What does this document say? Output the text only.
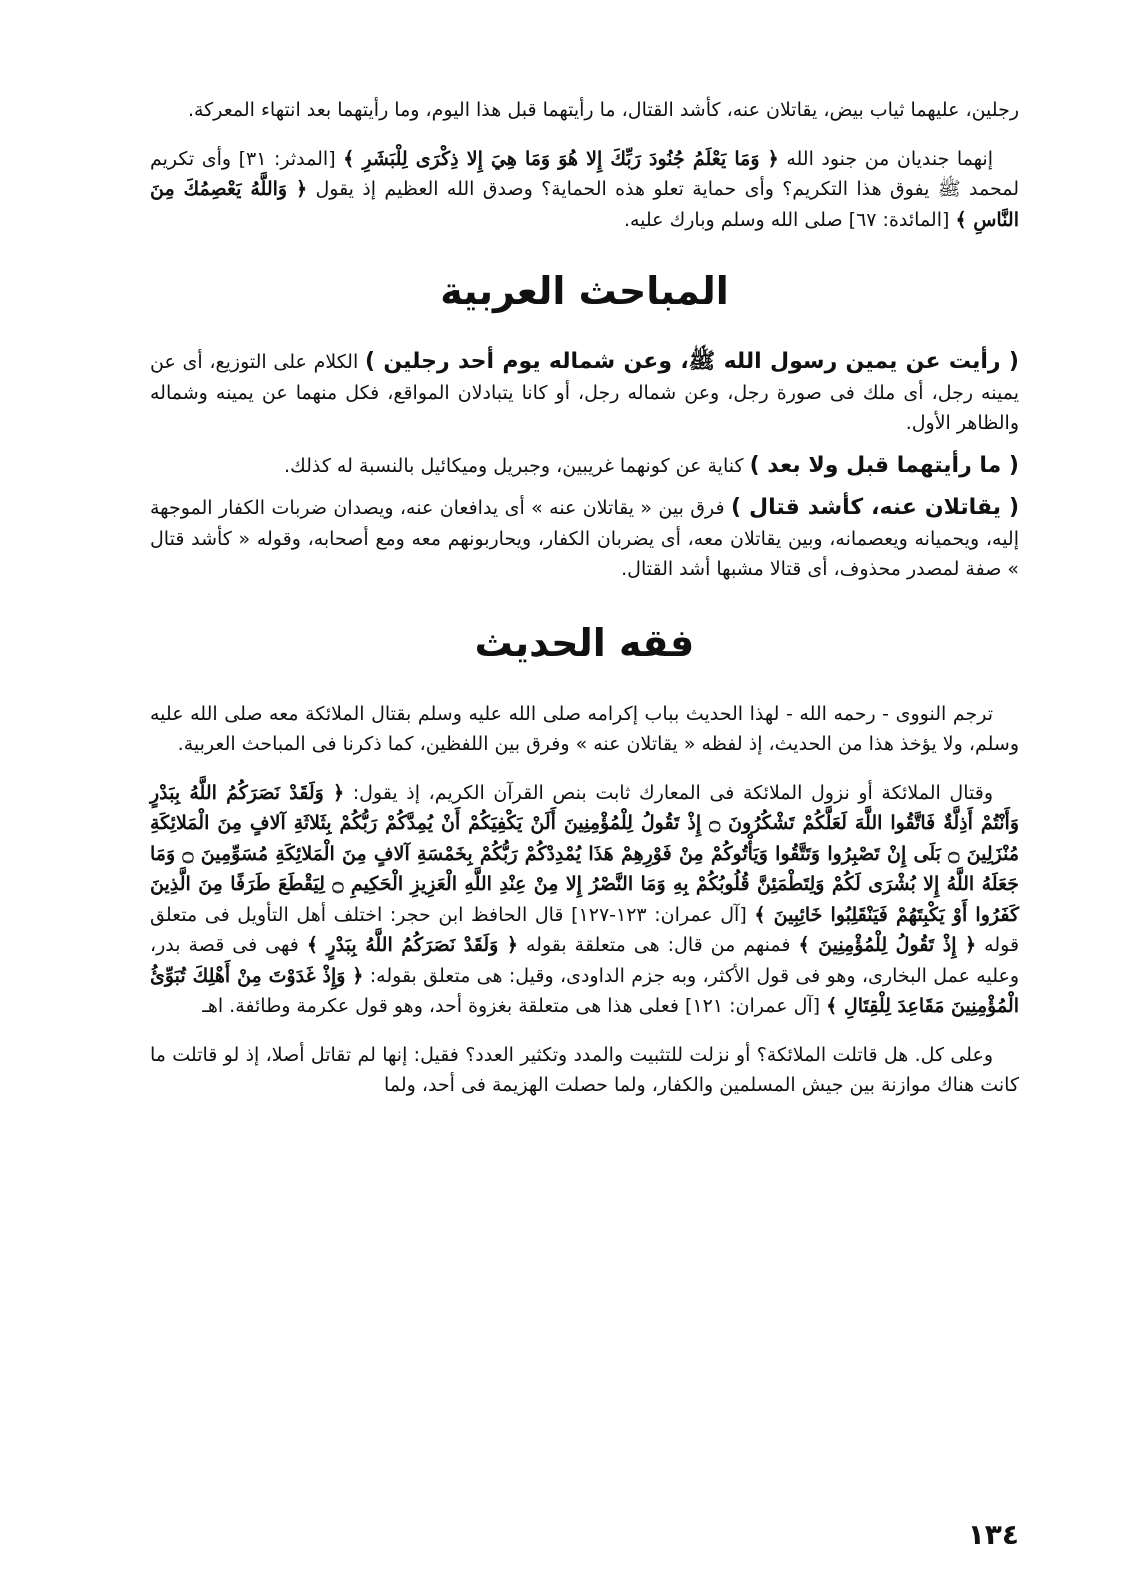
رجلين، عليهما ثياب بيض، يقاتلان عنه، كأشد القتال، ما رأيتهما قبل هذا اليوم، وما رأيتهما بعد انتهاء المعركة.

إنهما جنديان من جنود الله ﴿ وَمَا يَعْلَمُ جُنُودَ رَبِّكَ إِلا هُوَ وَمَا هِيَ إِلا ذِكْرَى لِلْبَشَرِ ﴾ [المدثر: ٣١] وأى تكريم لمحمد ﷺ يفوق هذا التكريم؟ وأى حماية تعلو هذه الحماية؟ وصدق الله العظيم إذ يقول ﴿ وَاللَّهُ يَعْصِمُكَ مِنَ النَّاسِ ﴾ [المائدة: ٦٧] صلى الله وسلم وبارك عليه.

المباحث العربية

( رأيت عن يمين رسول الله ﷺ، وعن شماله يوم أحد رجلين ) الكلام على التوزيع، أى عن يمينه رجل، أى ملك فى صورة رجل، وعن شماله رجل، أو كانا يتبادلان المواقع، فكل منهما عن يمينه وشماله والظاهر الأول.

( ما رأيتهما قبل ولا بعد ) كناية عن كونهما غريبين، وجبريل وميكائيل بالنسبة له كذلك.

( يقاتلان عنه، كأشد قتال ) فرق بين « يقاتلان عنه » أى يدافعان عنه، ويصدان ضربات الكفار الموجهة إليه، ويحميانه ويعصمانه، وبين يقاتلان معه، أى يضربان الكفار، ويحاربونهم معه ومع أصحابه، وقوله « كأشد قتال » صفة لمصدر محذوف، أى قتالا مشبها أشد القتال.

فقه الحديث

ترجم النووى - رحمه الله - لهذا الحديث بباب إكرامه صلى الله عليه وسلم بقتال الملائكة معه صلى الله عليه وسلم، ولا يؤخذ هذا من الحديث، إذ لفظه « يقاتلان عنه » وفرق بين اللفظين، كما ذكرنا فى المباحث العربية.

وقتال الملائكة أو نزول الملائكة فى المعارك ثابت بنص القرآن الكريم، إذ يقول: ﴿ وَلَقَدْ نَصَرَكُمُ اللَّهُ بِبَدْرٍ وَأَنْتُمْ أَذِلَّةٌ فَاتَّقُوا اللَّهَ لَعَلَّكُمْ تَشْكُرُونَ ۝ إِذْ تَقُولُ لِلْمُؤْمِنِينَ أَلَنْ يَكْفِيَكُمْ أَنْ يُمِدَّكُمْ رَبُّكُمْ بِثَلاثَةِ آلافٍ مِنَ الْمَلائِكَةِ مُنْزَلِينَ ۝ بَلَى إِنْ تَصْبِرُوا وَتَتَّقُوا وَيَأْتُوكُمْ مِنْ فَوْرِهِمْ هَذَا يُمْدِدْكُمْ رَبُّكُمْ بِخَمْسَةِ آلافٍ مِنَ الْمَلائِكَةِ مُسَوِّمِينَ ۝ وَمَا جَعَلَهُ اللَّهُ إِلا بُشْرَى لَكُمْ وَلِتَطْمَئِنَّ قُلُوبُكُمْ بِهِ وَمَا النَّصْرُ إِلا مِنْ عِنْدِ اللَّهِ الْعَزِيزِ الْحَكِيمِ ۝ لِيَقْطَعَ طَرَفًا مِنَ الَّذِينَ كَفَرُوا أَوْ يَكْبِتَهُمْ فَيَنْقَلِبُوا خَائِبِينَ ﴾ [آل عمران: ١٢٣-١٢٧] قال الحافظ ابن حجر: اختلف أهل التأويل فى متعلق قوله ﴿ إِذْ تَقُولُ لِلْمُؤْمِنِينَ ﴾ فمنهم من قال: هى متعلقة بقوله ﴿ وَلَقَدْ نَصَرَكُمُ اللَّهُ بِبَدْرٍ ﴾ فهى فى قصة بدر، وعليه عمل البخارى، وهو فى قول الأكثر، وبه جزم الداودى، وقيل: هى متعلق بقوله: ﴿ وَإِذْ غَدَوْتَ مِنْ أَهْلِكَ تُبَوِّئُ الْمُؤْمِنِينَ مَقَاعِدَ لِلْقِتَالِ ﴾ [آل عمران: ١٢١] فعلى هذا هى متعلقة بغزوة أحد، وهو قول عكرمة وطائفة. اهـ

وعلى كل. هل قاتلت الملائكة؟ أو نزلت للتثبيت والمدد وتكثير العدد؟ فقيل: إنها لم تقاتل أصلا، إذ لو قاتلت ما كانت هناك موازنة بين جيش المسلمين والكفار، ولما حصلت الهزيمة فى أحد، ولما

١٣٤
